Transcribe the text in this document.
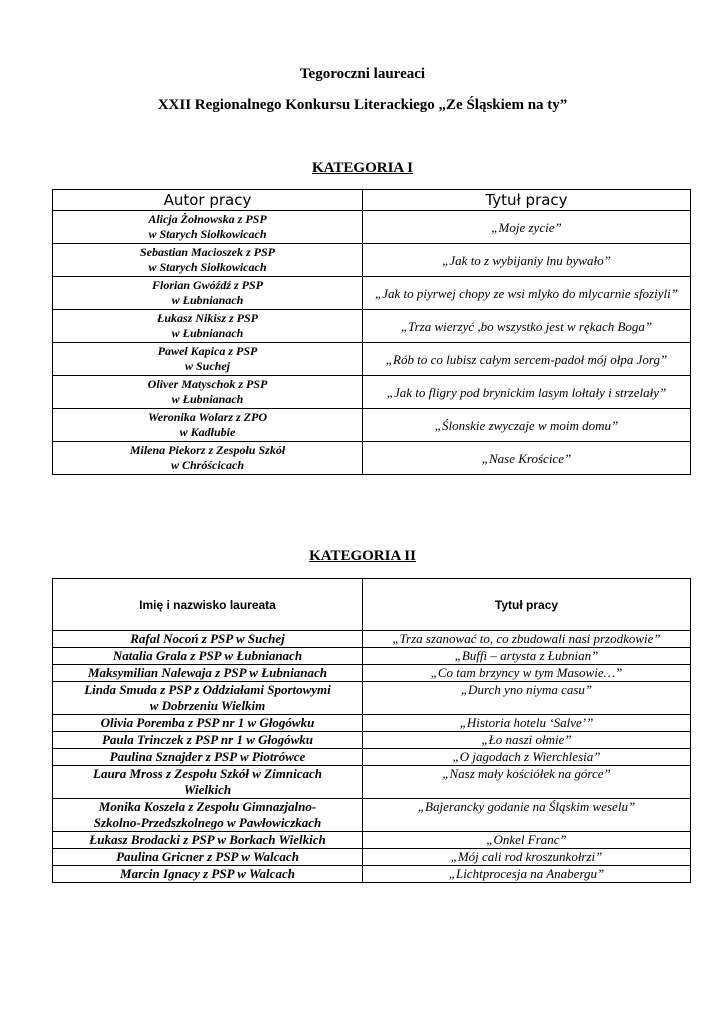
Tegoroczni laureaci
XXII Regionalnego Konkursu Literackiego „Ze Śląskiem na ty”
KATEGORIA I
Autor pracy	Tytuł pracy

Alicja Żołnowska z PSP
w Starych Siołkowicach	„Moje zycie”

Sebastian Macioszek z PSP
w Starych Siołkowicach	„Jak to z wybijaniy lnu bywało”

Florian Gwóźdź z PSP
w Łubnianach	„Jak to piyrwej chopy ze wsi mlyko do mlycarnie sfoziyli”

Łukasz Nikisz z PSP
w Łubnianach	„Trza wierzyć ,bo wszystko jest w rękach Boga”

Paweł Kapica z PSP
w Suchej	„Rób to co lubisz całym sercem-padoł mój ołpa Jorg”

Oliver Matyschok z PSP
w Łubnianach	„Jak to fligry pod brynickim lasym lołtały i strzelały”

Weronika Wolarz z ZPO
w Kadłubie	„Ślonskie zwyczaje w moim domu”

Milena Piekorz z Zespołu Szkół
w Chróścicach	„Nase Krościce”
KATEGORIA II
Imię i nazwisko laureata	Tytuł pracy

Rafal Nocoń z PSP w Suchej	„Trza szanować to, co zbudowali nasi przodkowie”

Natalia Grala z PSP w Łubnianach	„Buffi – artysta z Łubnian”

Maksymilian Nalewaja z PSP w Łubnianach	„Co tam brzyncy w tym Masowie…”

Linda Smuda z PSP z Oddziałami Sportowymi
w Dobrzeniu Wielkim	„Durch yno niyma casu”

Olivia Poremba z PSP nr 1 w Głogówku	„Historia hotelu ‘Salve’”

Paula Trinczek z PSP nr 1 w Głogówku	„Ło naszi ołmie”

Paulina Sznajder z PSP w Piotrówce	„O jagodach z Wierchlesia”

Laura Mross z Zespołu Szkół w Zimnicach
Wielkich	„Nasz mały kościółek na górce”

Monika Koszela z Zespołu Gimnazjalno-
Szkolno-Przedszkolnego w Pawłowiczkach	„Bajerancky godanie na Śląskim weselu”

Łukasz Brodacki z PSP w Borkach Wielkich	„Onkel Franc”

Paulina Gricner z PSP w Walcach	„Mój cali rod kroszunkołrzi”

Marcin Ignacy z PSP w Walcach	„Lichtprocesja na Anabergu”
